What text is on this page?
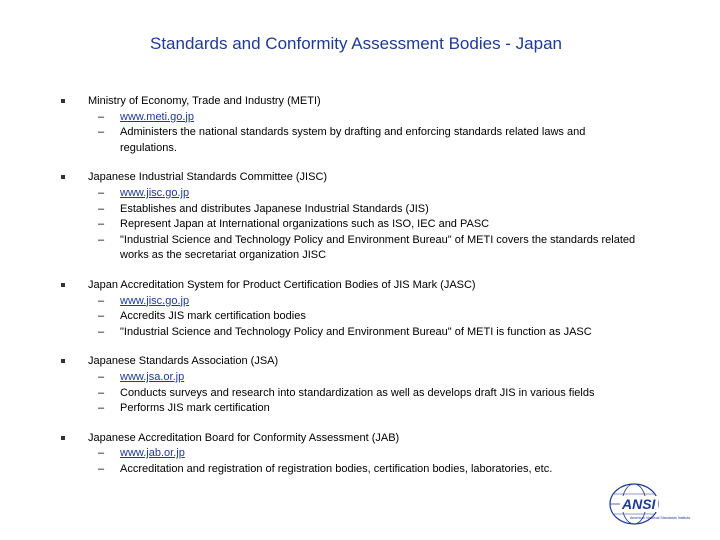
Standards and Conformity Assessment Bodies - Japan
Ministry of Economy, Trade and Industry (METI)
– www.meti.go.jp
– Administers the national standards system by drafting and enforcing standards related laws and regulations.
Japanese Industrial Standards Committee (JISC)
– www.jisc.go.jp
– Establishes and distributes Japanese Industrial Standards (JIS)
– Represent Japan at International organizations such as ISO, IEC and PASC
– "Industrial Science and Technology Policy and Environment Bureau" of METI covers the standards related works as the secretariat organization JISC
Japan Accreditation System for Product Certification Bodies of JIS Mark (JASC)
– www.jisc.go.jp
– Accredits JIS mark certification bodies
– "Industrial Science and Technology Policy and Environment Bureau" of METI is function as JASC
Japanese Standards Association (JSA)
– www.jsa.or.jp
– Conducts surveys and research into standardization as well as develops draft JIS in various fields
– Performs JIS mark certification
Japanese Accreditation Board for Conformity Assessment (JAB)
– www.jab.or.jp
– Accreditation and registration of registration bodies, certification bodies, laboratories, etc.
ANSI
American National Standards Institute
